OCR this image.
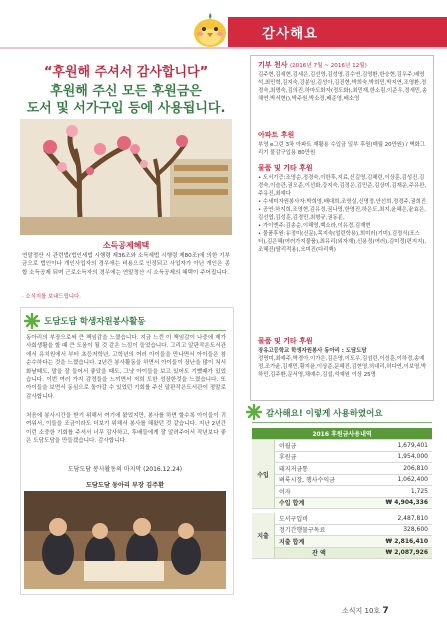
감사해요
“후원해 주셔서 감사합니다”
후원해 주신 모든 후원금은
도서 및 서가구입 등에 사용됩니다.
소득공제혜택
연말정산 시 관련법(법인세법 시행령 제36조와 소득세법 시행령 제80조)에 의한 기부금으로 법인이나 개인사업자의 경우에는 비용으로 인정되고 사업자가 아닌 개인은 종합 소득공제 되며 근로소득자의 경우에는 연말정산 시 소득공제의 혜택이 주어집니다.
· 소식지를 보내드립니다.
도담도담 학생자원봉사활동
동아리의 부장으로써 큰 책임감을 느꼈습니다. 지금 느낀 이 책임감이 나중에 제가 사회생활을 할 때 큰 도움이 될 것 같은 느낌이 들었습니다. 그리고 알판작은도서관에서 유치원에서 부터 초등저학년, 고학년의 여러 아이들을 만나면서 아이들은 참 순수하다는 것을 느꼈습니다. 2년간 봉사활동을 하면서 아이들이 장난을 많이 쳐서 화날때도, 말을 잘 들어서 좋았을 때도, 그냥 아이들을 보고 있어도 기뻤때가 있었습니다. 이번 여러 가지 감정들을 느끼면서 저희 도한 성장한것을 느꼈습니다. 또 아이들을 보면서 동심으로 돌아갈 수 있었던 기회를 주신 알판작은도서관이 정말로 감사합니다.
처음에 봉사시간을 받기 위해서 여기에 왔었지만, 봉사를 하면 할수록 아이들이 귀여워서, 이들을 조금이라도 더보기 위해서 봉사를 해왔던 것 같습니다. 지난 2년간 이런 소중한 기회를 주셔서 너무 감사하고, 후배들에게 잘 알려주어서 작년보다 좋은 도담도담을 만들겠습니다. 감사합니다.
도담도담 봉사활동의 마지막 (2016.12.24)
도담도담 동아리 부장 김주환
기부 천사 (2016년 7월 ~ 2016년 12월)
김주현,김세현,김세은,김선영,김성영,김수연,김영환,한승현,김우주,배영석,최민혁,김지숙,강분임,김성아,김진현,박희숙,박희민,박지연,조영환,정경숙,최명숙,김의진,하마도화자(정도화),최민재,한소림,이준우,정새민,송채연,박서현(),박주원,박소정,배준영,배소영
아파트 후원
부영 e그린 3차 아파트 재활용 수입금 일부 후원(매월 20만원) / 벽화그리기 물감구입용 80만원
물품 및 기타 후원
• 도서기증:조영순,정경숙,이한후,지료,신길영,김혜린,이상훈,김성진,김경숙,이슬관,권오준,이선화,강지숙,김정은,김민준,김상미,김재운,주유완,주유진,최예다
• 수세미자원봉사자:박희영,배대희,조영실,신명정,안선희,정경주,권희진
• 공연:하지희,조영현,김유정,권나영,한영진,하은도,최지,윤혜은,윤효은,김선엽,김성훈,김경민,최형규,권동륜,
• 가이엔주:김송순,이해영,백소라,이유경,김재현
• 물품후원:유정미(신문),목지숙(얼린학용),희미러(기미),김정식(포스터),김은혜(여러가지물품),최유리(외자재),신용정(여러),김미정(편지지),조혜진(탈리적용),오미진(다리핵)
물품 및 기타 후원
장유고등학교 학생자원봉사 동아리 : 도담도담
정명미,최예주,박경아,이가은,김은영,이도우,김섬린,이성훈,이하경,송예정,조가윤,김재민,황지윤,이상준,문혜진,김현영,허대리,허다연,이보영,박하민,김주환,문서영,채예수,김설,석예원 이상 25명
감사해요! 이렇게 사용하였어요
2016 후원금사용내역		
수입	이월금	1,679,401
	후원금	1,954,000
	돼지저금통	206,810
	벼룩시장, 행사수익금	1,062,400
	이자	1,725
	수입 합계	₩ 4,904,336

지출	도서구입비	2,487,810
	정기간행물구독료	328,600
	지출 합계	₩ 2,816,410
	잔 액	₩ 2,087,926
소식지 10호 7
